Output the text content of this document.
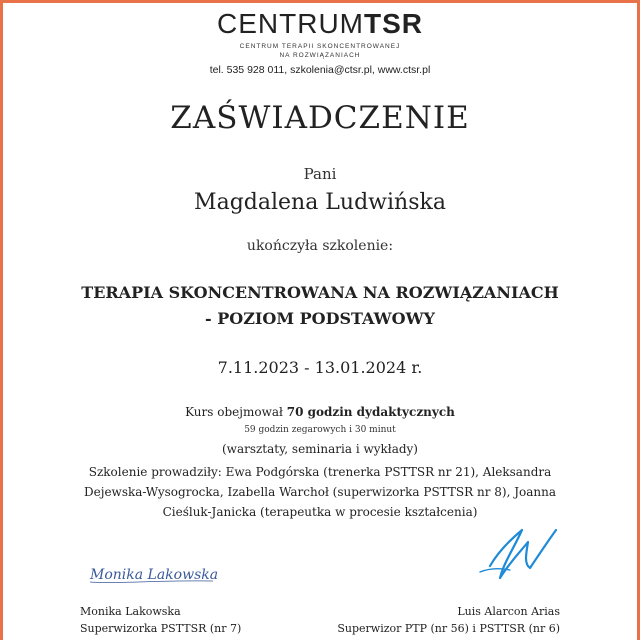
CENTRUMTSR
CENTRUM TERAPII SKONCENTROWANEJ
NA ROZWIĄZANIACH
tel. 535 928 011, szkolenia@ctsr.pl, www.ctsr.pl
ZAŚWIADCZENIE
Pani
Magdalena Ludwińska
ukończyła szkolenie:
TERAPIA SKONCENTROWANA NA ROZWIĄZANIACH
- POZIOM PODSTAWOWY
7.11.2023 - 13.01.2024 r.
Kurs obejmował 70 godzin dydaktycznych
59 godzin zegarowych i 30 minut
(warsztaty, seminaria i wykłady)
Szkolenie prowadziły: Ewa Podgórska (trenerka PSTTSR nr 21), Aleksandra Dejewska-Wysogrocka, Izabella Warchoł (superwizorka PSTTSR nr 8), Joanna Cieśluk-Janicka (terapeutka w procesie kształcenia)
Monika Lakowska
Monika Lakowska
Superwizorka PSTTSR (nr 7)
Luis Alarcon Arias
Superwizor PTP (nr 56) i PSTTSR (nr 6)
